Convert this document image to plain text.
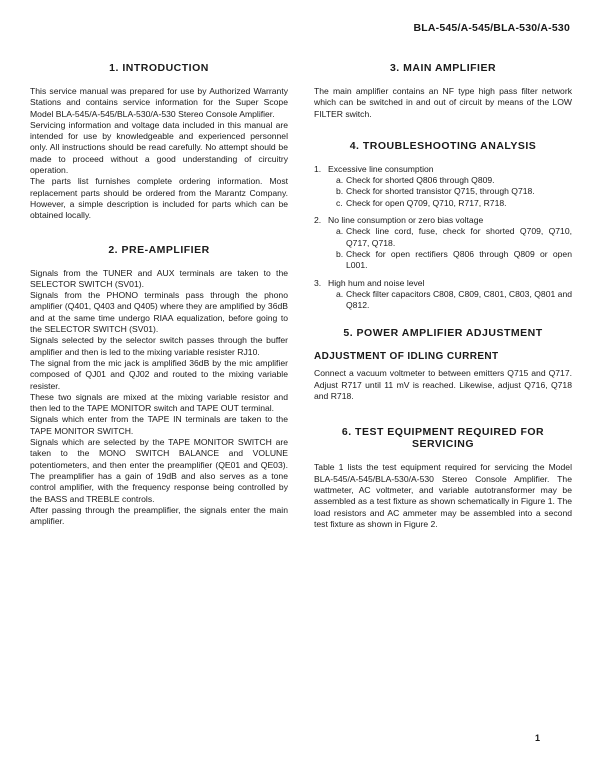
BLA-545/A-545/BLA-530/A-530
1. INTRODUCTION

This service manual was prepared for use by Authorized Warranty Stations and contains service information for the Super Scope Model BLA-545/A-545/BLA-530/A-530 Stereo Console Amplifier.

Servicing information and voltage data included in this manual are intended for use by knowledgeable and experienced personnel only. All instructions should be read carefully. No attempt should be made to proceed without a good understanding of circuitry operation.

The parts list furnishes complete ordering information. Most replacement parts should be ordered from the Marantz Company. However, a simple description is included for parts which can be obtained locally.

2. PRE-AMPLIFIER

Signals from the TUNER and AUX terminals are taken to the SELECTOR SWITCH (SV01).

Signals from the PHONO terminals pass through the phono amplifier (Q401, Q403 and Q405) where they are amplified by 36dB and at the same time undergo RIAA equalization, before going to the SELECTOR SWITCH (SV01).

Signals selected by the selector switch passes through the buffer amplifier and then is led to the mixing variable resister RJ10.

The signal from the mic jack is amplified 36dB by the mic amplifier composed of QJ01 and QJ02 and routed to the mixing variable resister.

These two signals are mixed at the mixing variable resistor and then led to the TAPE MONITOR switch and TAPE OUT terminal.

Signals which enter from the TAPE IN terminals are taken to the TAPE MONITOR SWITCH.

Signals which are selected by the TAPE MONITOR SWITCH are taken to the MONO SWITCH BALANCE and VOLUNE potentiometers, and then enter the preamplifier (QE01 and QE03). The preamplifier has a gain of 19dB and also serves as a tone control amplifier, with the frequency response being controlled by the BASS and TREBLE controls.

After passing through the preamplifier, the signals enter the main amplifier.

3. MAIN AMPLIFIER

The main amplifier contains an NF type high pass filter network which can be switched in and out of circuit by means of the LOW FILTER switch.

4. TROUBLESHOOTING ANALYSIS
1. Excessive line consumption
a. Check for shorted Q806 through Q809.
b. Check for shorted transistor Q715, through Q718.
c. Check for open Q709, Q710, R717, R718.
2. No line consumption or zero bias voltage
a. Check line cord, fuse, check for shorted Q709, Q710, Q717, Q718.
b. Check for open rectifiers Q806 through Q809 or open L001.
3. High hum and noise level
a. Check filter capacitors C808, C809, C801, C803, Q801 and Q812.
5. POWER AMPLIFIER ADJUSTMENT
ADJUSTMENT OF IDLING CURRENT

Connect a vacuum voltmeter to between emitters Q715 and Q717. Adjust R717 until 11 mV is reached. Likewise, adjust Q716, Q718 and R718.

6. TEST EQUIPMENT REQUIRED FOR SERVICING

Table 1 lists the test equipment required for servicing the Model BLA-545/A-545/BLA-530/A-530 Stereo Console Amplifier. The wattmeter, AC voltmeter, and variable autotransformer may be assembled as a test fixture as shown schematically in Figure 1. The load resistors and AC ammeter may be assembled into a second test fixture as shown in Figure 2.

1
